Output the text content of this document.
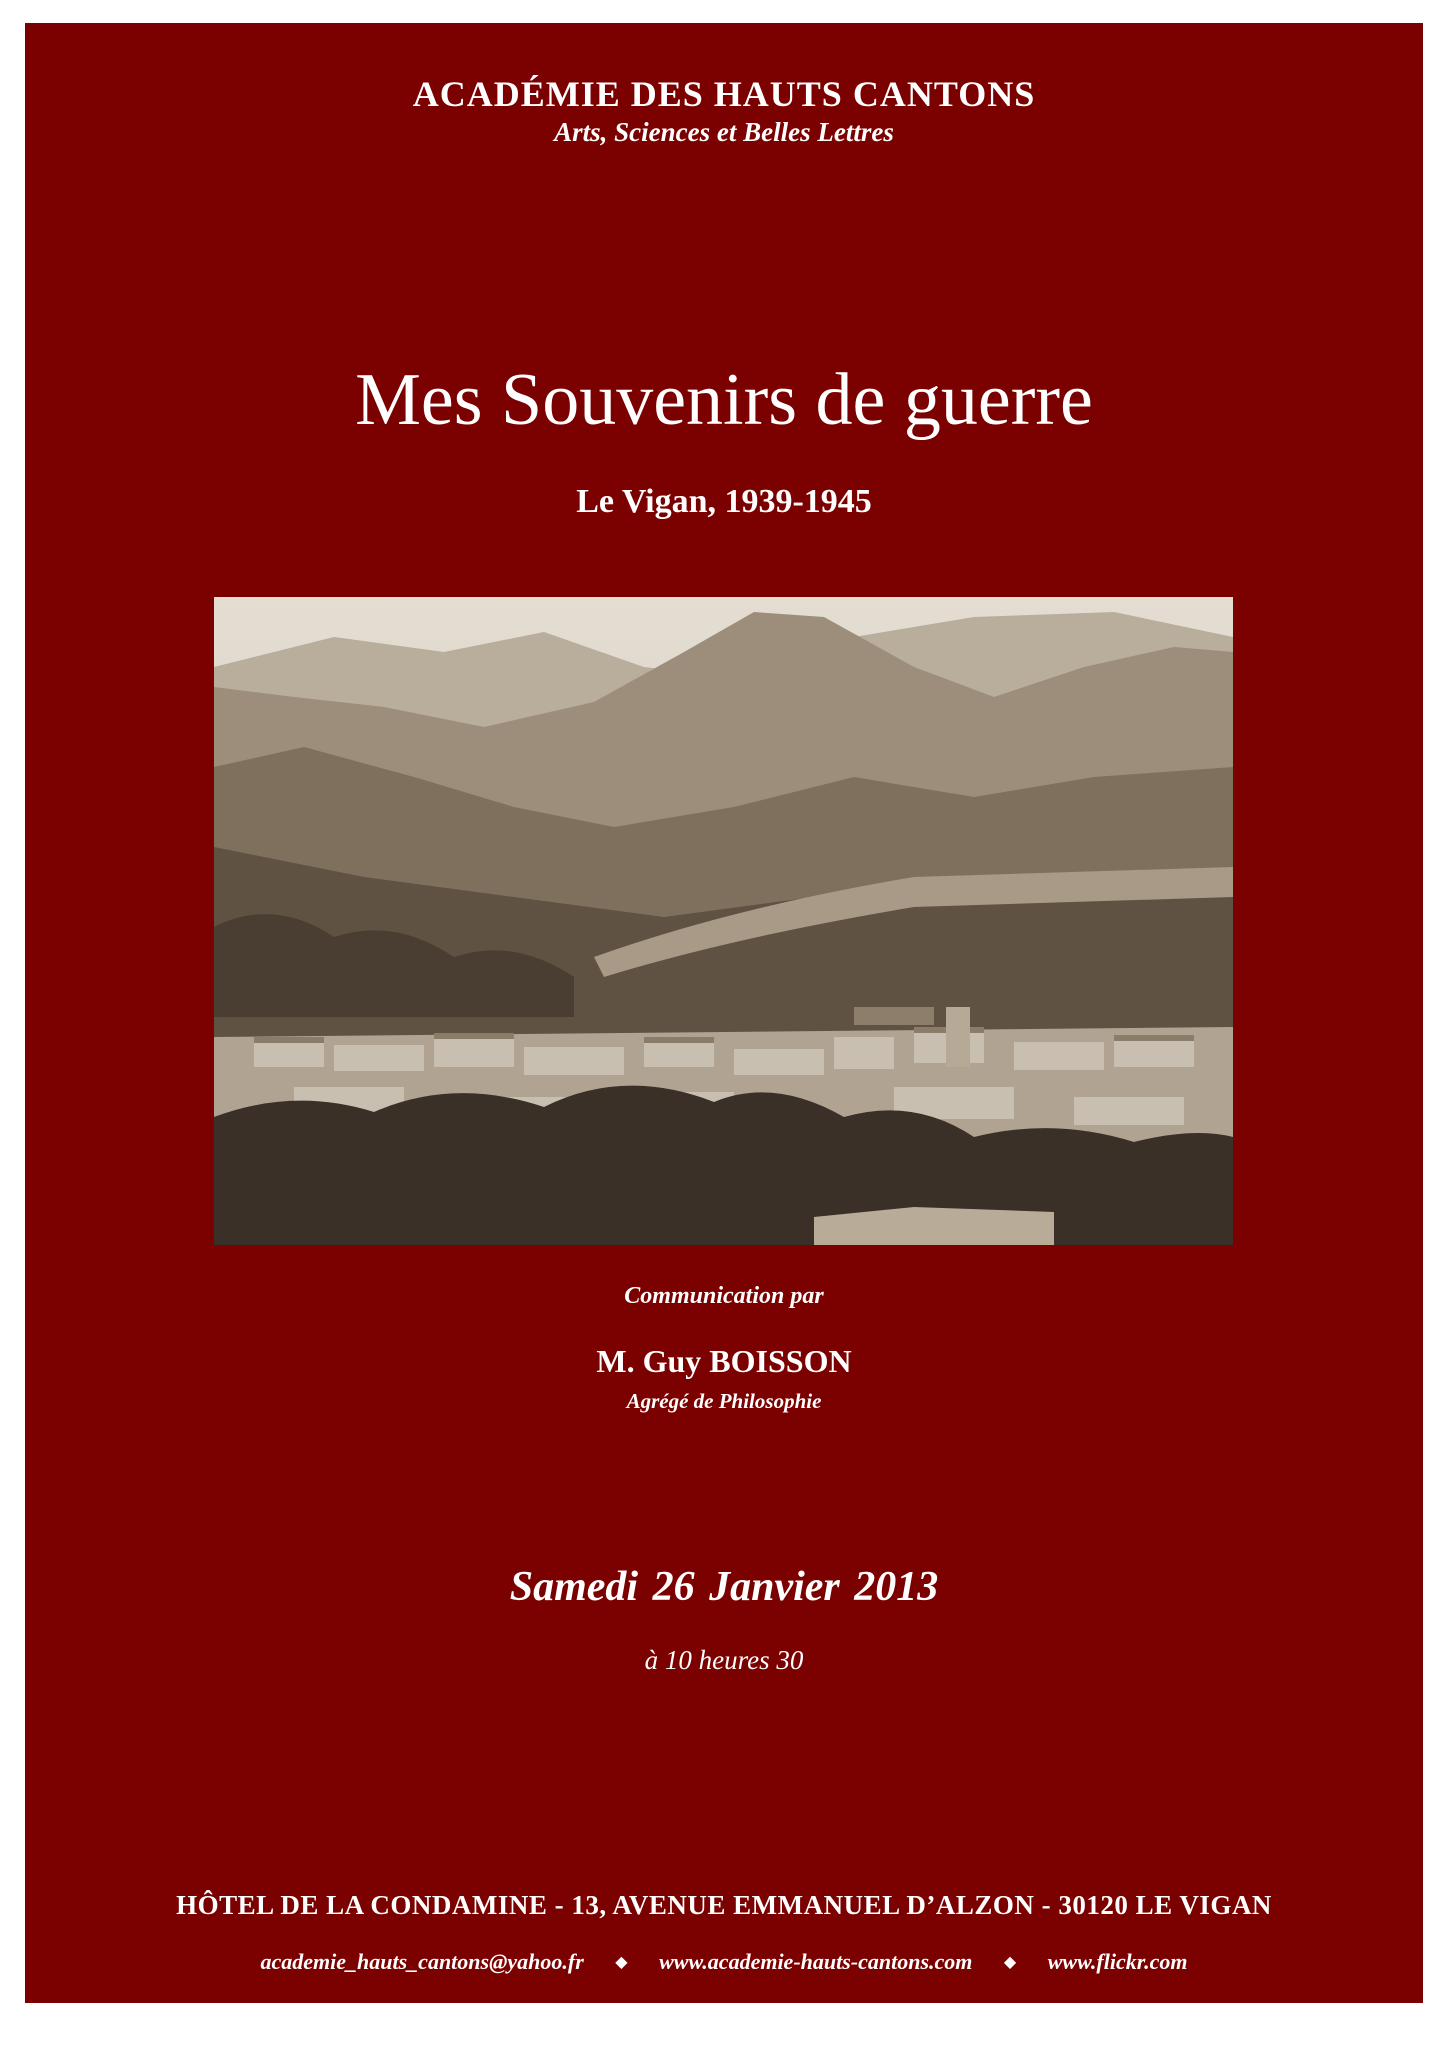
ACADÉMIE DES HAUTS CANTONS
Arts, Sciences et Belles Lettres
Mes Souvenirs de guerre
Le Vigan, 1939-1945
Communication par
M. Guy BOISSON
Agrégé de Philosophie
Samedi 26 Janvier 2013
à 10 heures 30
HÔTEL DE LA CONDAMINE - 13, AVENUE EMMANUEL D’ALZON - 30120 LE VIGAN
academie_hauts_cantons@yahoo.fr ◆ www.academie-hauts-cantons.com ◆ www.flickr.com
